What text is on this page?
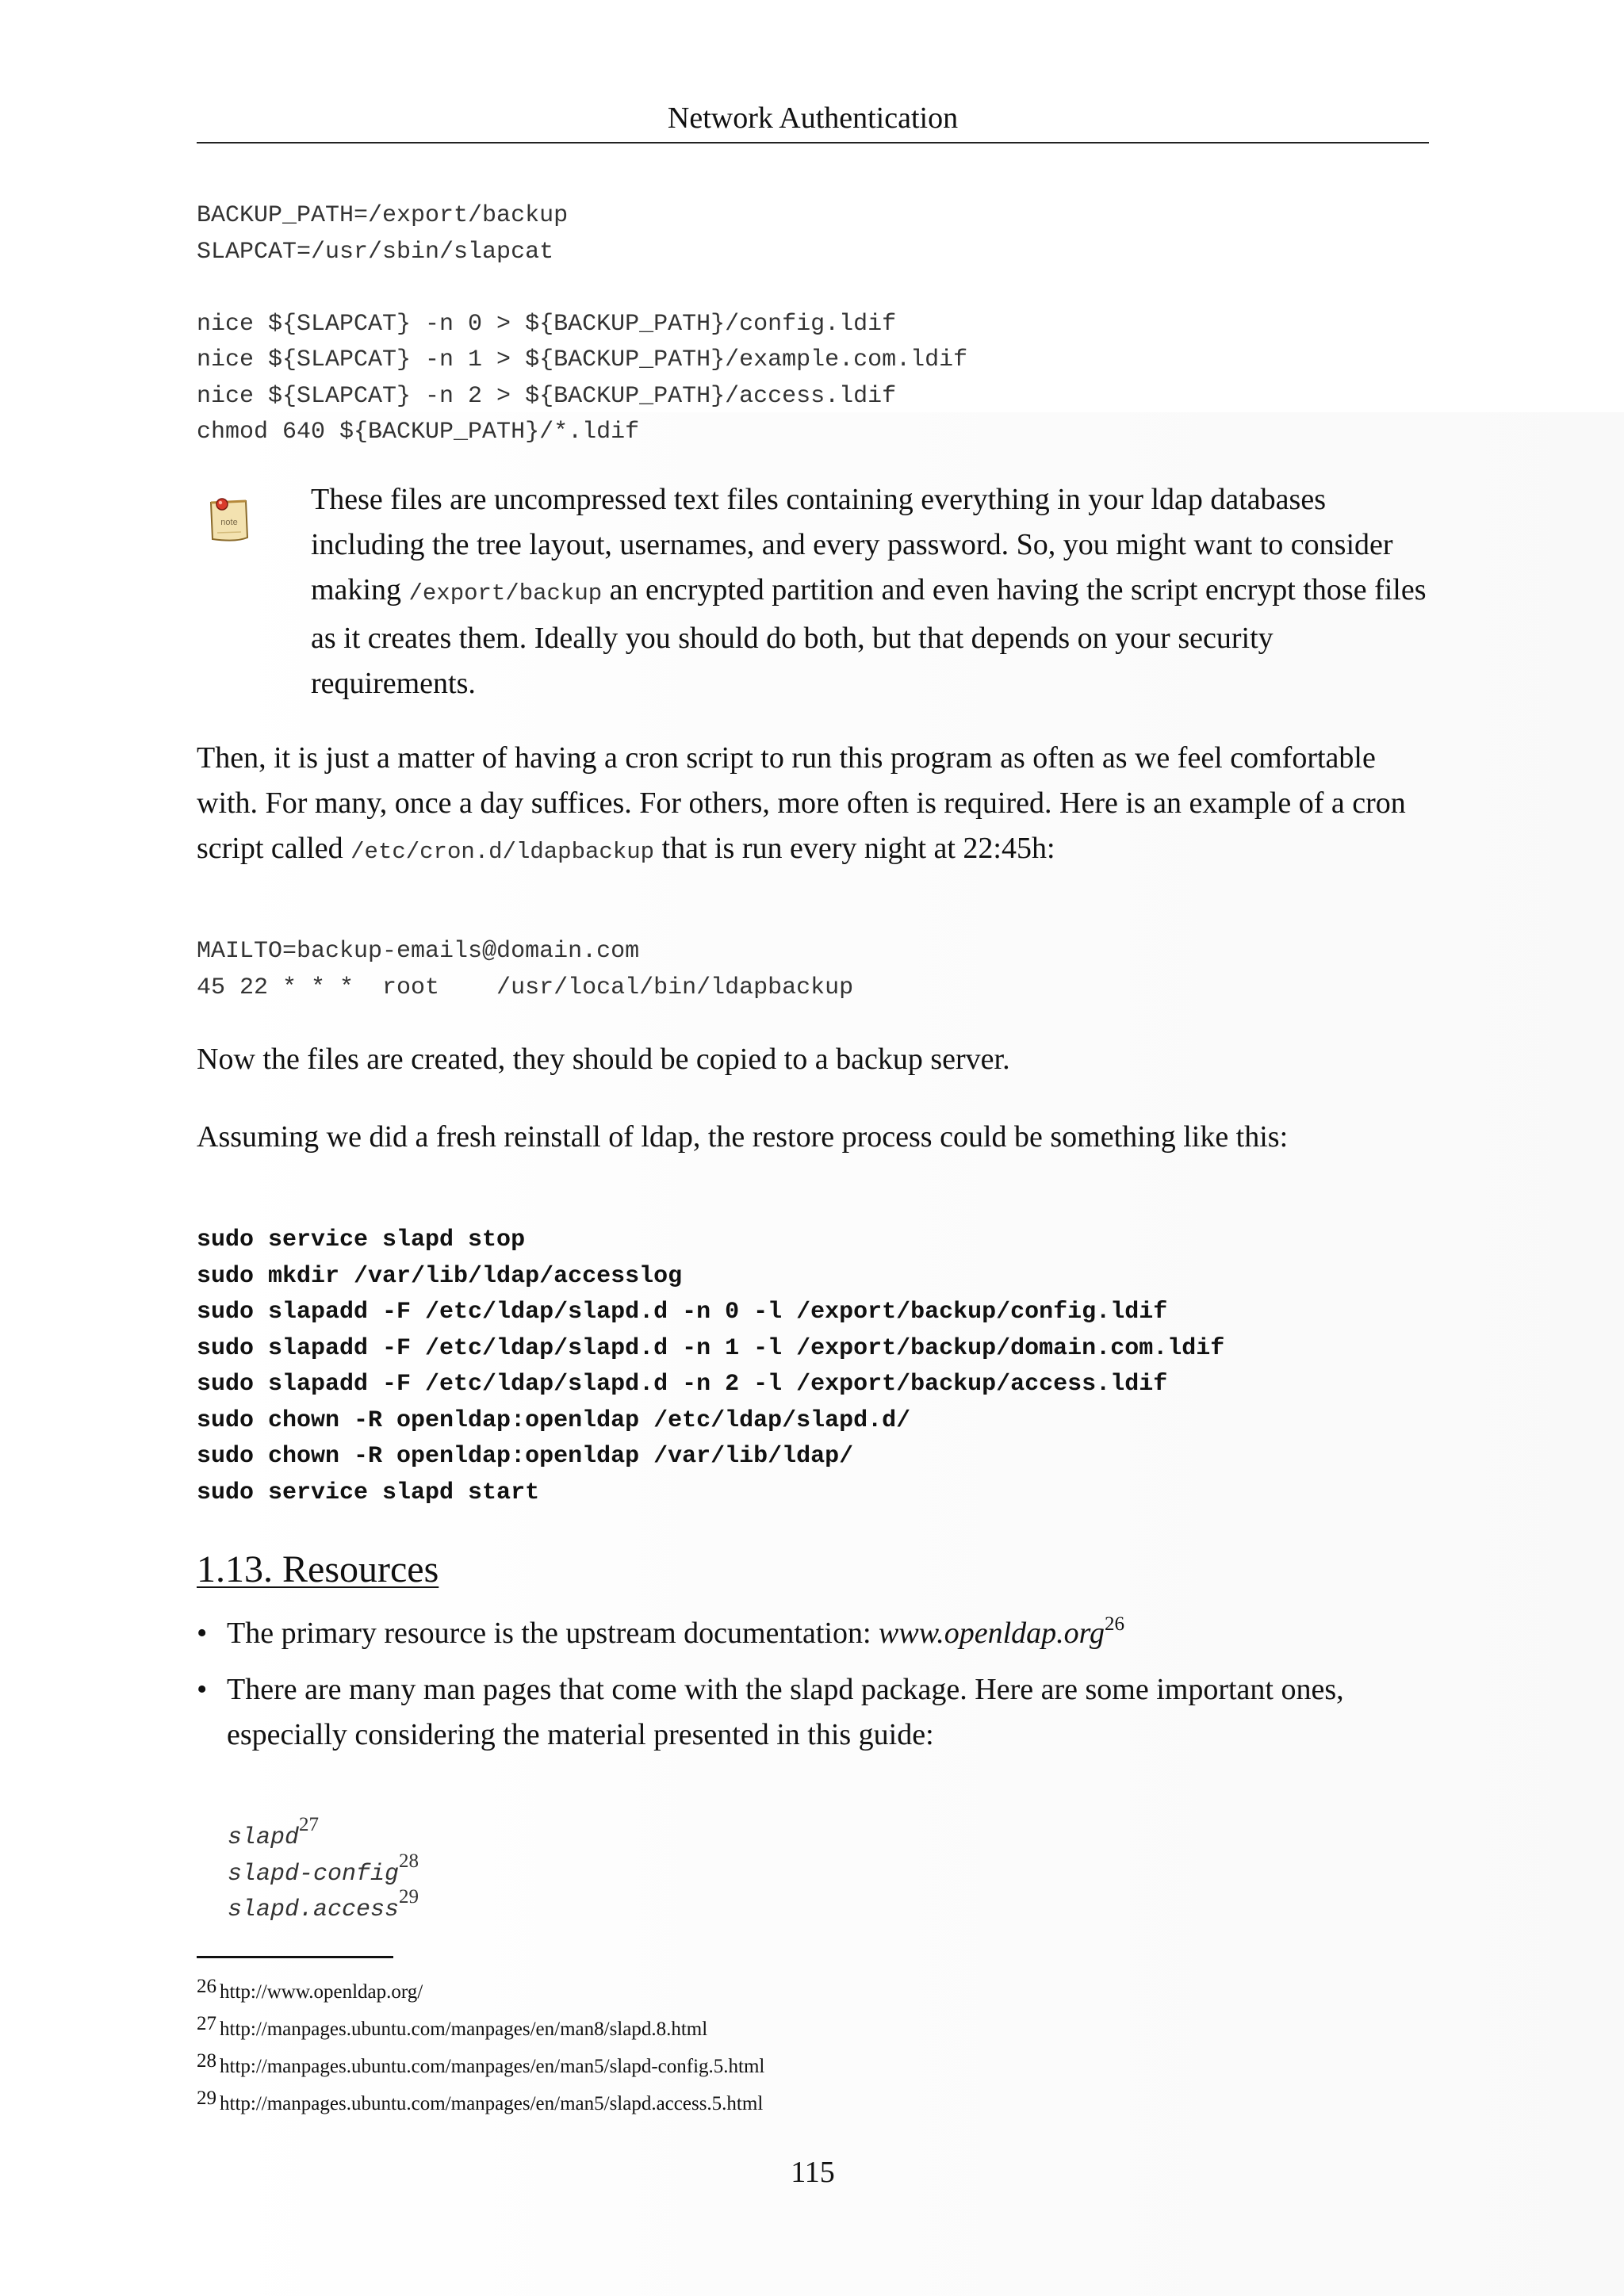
Network Authentication
BACKUP_PATH=/export/backup
SLAPCAT=/usr/sbin/slapcat
nice ${SLAPCAT} -n 0 > ${BACKUP_PATH}/config.ldif
nice ${SLAPCAT} -n 1 > ${BACKUP_PATH}/example.com.ldif
nice ${SLAPCAT} -n 2 > ${BACKUP_PATH}/access.ldif
chmod 640 ${BACKUP_PATH}/*.ldif
note

These files are uncompressed text files containing everything in your ldap databases including the tree layout, usernames, and every password. So, you might want to consider making /export/backup an encrypted partition and even having the script encrypt those files as it creates them. Ideally you should do both, but that depends on your security requirements.

Then, it is just a matter of having a cron script to run this program as often as we feel comfortable with. For many, once a day suffices. For others, more often is required. Here is an example of a cron script called /etc/cron.d/ldapbackup that is run every night at 22:45h:

MAILTO=backup-emails@domain.com
45 22 * * *  root    /usr/local/bin/ldapbackup
Now the files are created, they should be copied to a backup server.
Assuming we did a fresh reinstall of ldap, the restore process could be something like this:
sudo service slapd stop
sudo mkdir /var/lib/ldap/accesslog
sudo slapadd -F /etc/ldap/slapd.d -n 0 -l /export/backup/config.ldif
sudo slapadd -F /etc/ldap/slapd.d -n 1 -l /export/backup/domain.com.ldif
sudo slapadd -F /etc/ldap/slapd.d -n 2 -l /export/backup/access.ldif
sudo chown -R openldap:openldap /etc/ldap/slapd.d/
sudo chown -R openldap:openldap /var/lib/ldap/
sudo service slapd start
1.13. Resources
• The primary resource is the upstream documentation: www.openldap.org$^{26}$
• There are many man pages that come with the slapd package. Here are some important ones, especially considering the material presented in this guide:
slapd$^{27}$
slapd-config$^{28}$
slapd.access$^{29}$
26 http://www.openldap.org/
27 http://manpages.ubuntu.com/manpages/en/man8/slapd.8.html
28 http://manpages.ubuntu.com/manpages/en/man5/slapd-config.5.html
29 http://manpages.ubuntu.com/manpages/en/man5/slapd.access.5.html
115
